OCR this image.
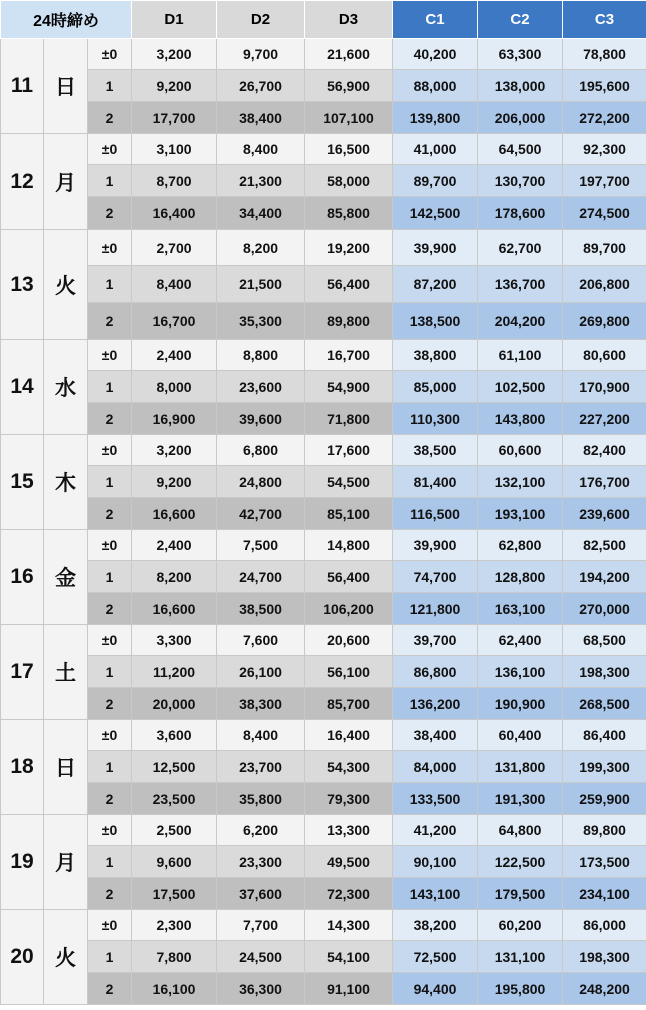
24時締め			D1	D2	D3	C1	C2	C3
11	日	±0	3,200	9,700	21,600	40,200	63,300	78,800
		1	9,200	26,700	56,900	88,000	138,000	195,600
		2	17,700	38,400	107,100	139,800	206,000	272,200
12	月	±0	3,100	8,400	16,500	41,000	64,500	92,300
		1	8,700	21,300	58,000	89,700	130,700	197,700
		2	16,400	34,400	85,800	142,500	178,600	274,500
13	火	±0	2,700	8,200	19,200	39,900	62,700	89,700
		1	8,400	21,500	56,400	87,200	136,700	206,800
		2	16,700	35,300	89,800	138,500	204,200	269,800
14	水	±0	2,400	8,800	16,700	38,800	61,100	80,600
		1	8,000	23,600	54,900	85,000	102,500	170,900
		2	16,900	39,600	71,800	110,300	143,800	227,200
15	木	±0	3,200	6,800	17,600	38,500	60,600	82,400
		1	9,200	24,800	54,500	81,400	132,100	176,700
		2	16,600	42,700	85,100	116,500	193,100	239,600
16	金	±0	2,400	7,500	14,800	39,900	62,800	82,500
		1	8,200	24,700	56,400	74,700	128,800	194,200
		2	16,600	38,500	106,200	121,800	163,100	270,000
17	土	±0	3,300	7,600	20,600	39,700	62,400	68,500
		1	11,200	26,100	56,100	86,800	136,100	198,300
		2	20,000	38,300	85,700	136,200	190,900	268,500
18	日	±0	3,600	8,400	16,400	38,400	60,400	86,400
		1	12,500	23,700	54,300	84,000	131,800	199,300
		2	23,500	35,800	79,300	133,500	191,300	259,900
19	月	±0	2,500	6,200	13,300	41,200	64,800	89,800
		1	9,600	23,300	49,500	90,100	122,500	173,500
		2	17,500	37,600	72,300	143,100	179,500	234,100
20	火	±0	2,300	7,700	14,300	38,200	60,200	86,000
		1	7,800	24,500	54,100	72,500	131,100	198,300
		2	16,100	36,300	91,100	94,400	195,800	248,200
